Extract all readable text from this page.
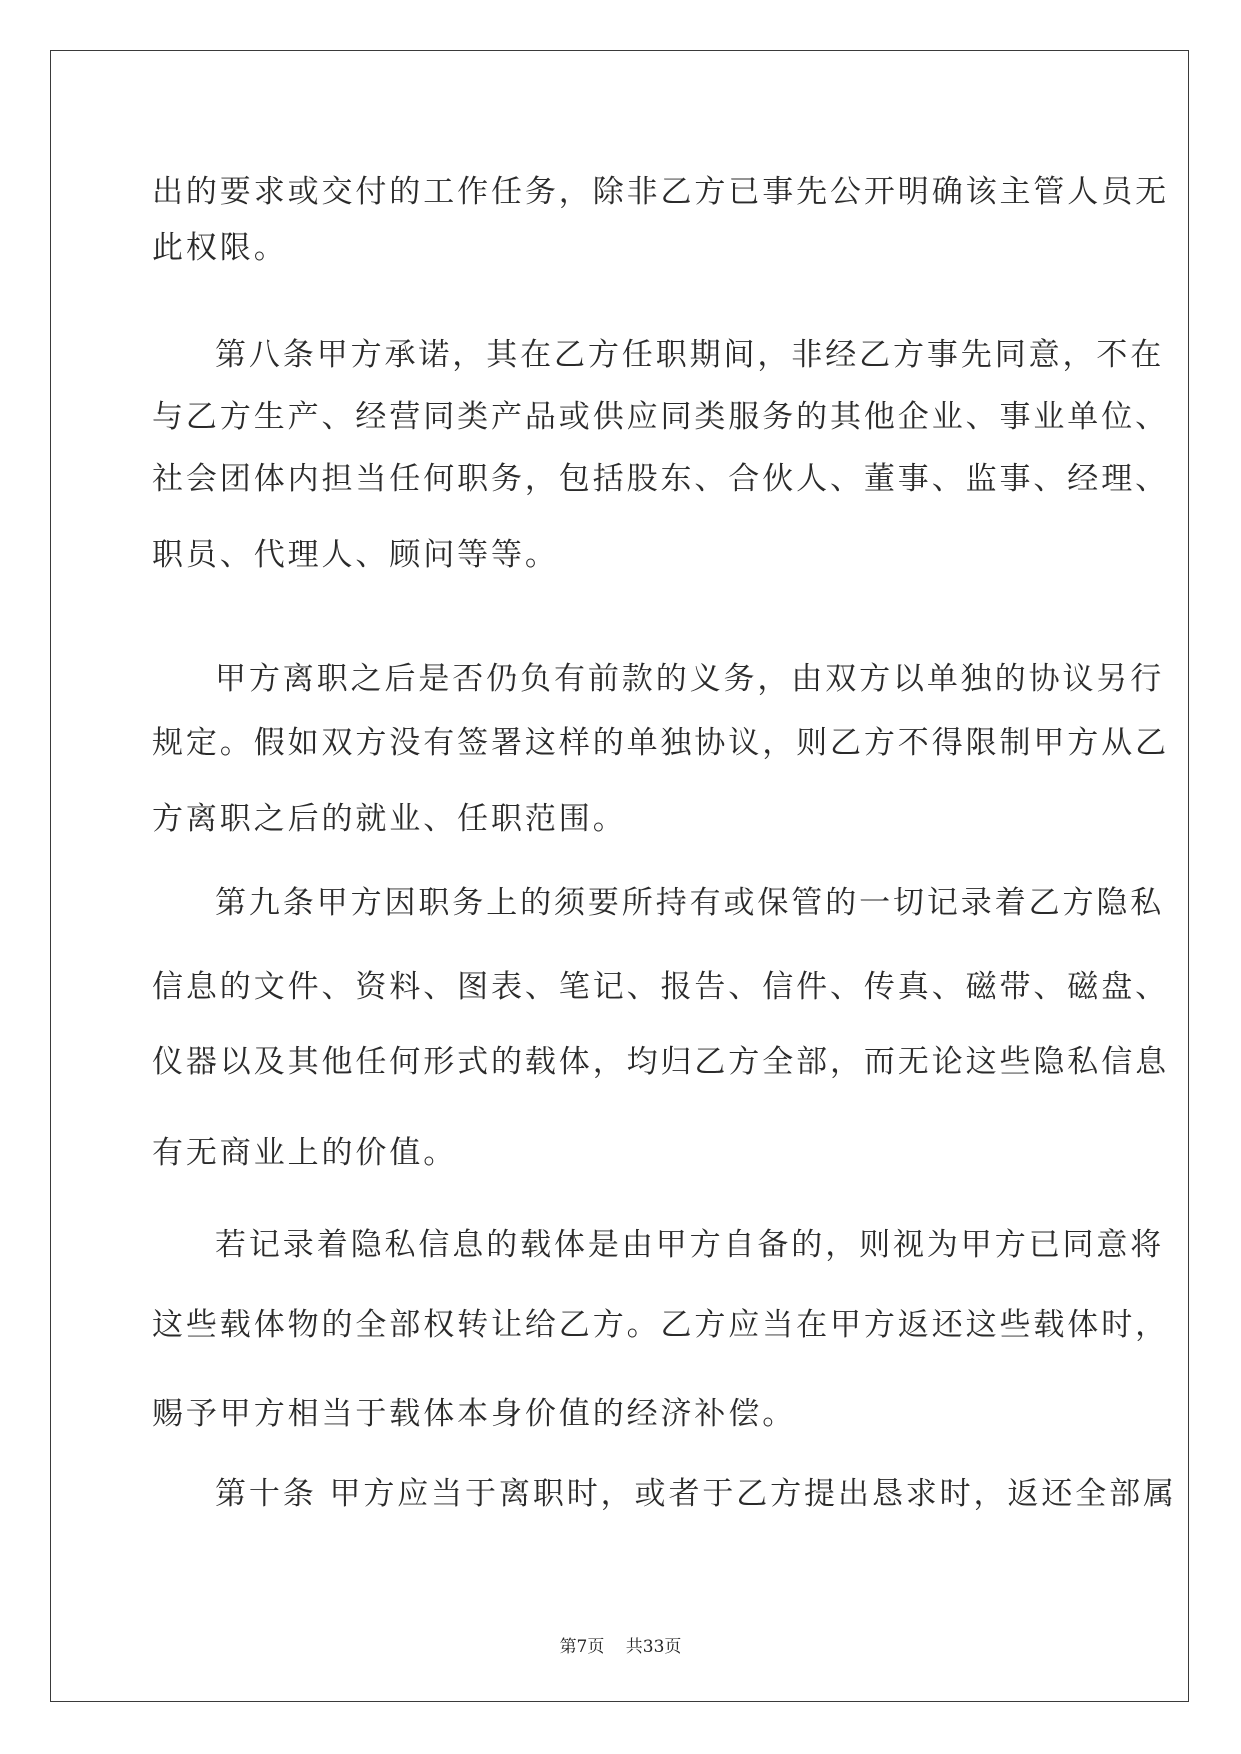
出的要求或交付的工作任务，除非乙方已事先公开明确该主管人员无
此权限。
第八条甲方承诺，其在乙方任职期间，非经乙方事先同意，不在
与乙方生产、经营同类产品或供应同类服务的其他企业、事业单位、
社会团体内担当任何职务，包括股东、合伙人、董事、监事、经理、
职员、代理人、顾问等等。
甲方离职之后是否仍负有前款的义务，由双方以单独的协议另行
规定。假如双方没有签署这样的单独协议，则乙方不得限制甲方从乙
方离职之后的就业、任职范围。
第九条甲方因职务上的须要所持有或保管的一切记录着乙方隐私
信息的文件、资料、图表、笔记、报告、信件、传真、磁带、磁盘、
仪器以及其他任何形式的载体，均归乙方全部，而无论这些隐私信息
有无商业上的价值。
若记录着隐私信息的载体是由甲方自备的，则视为甲方已同意将
这些载体物的全部权转让给乙方。乙方应当在甲方返还这些载体时，
赐予甲方相当于载体本身价值的经济补偿。
第十条 甲方应当于离职时，或者于乙方提出恳求时，返还全部属
第7页 共33页
